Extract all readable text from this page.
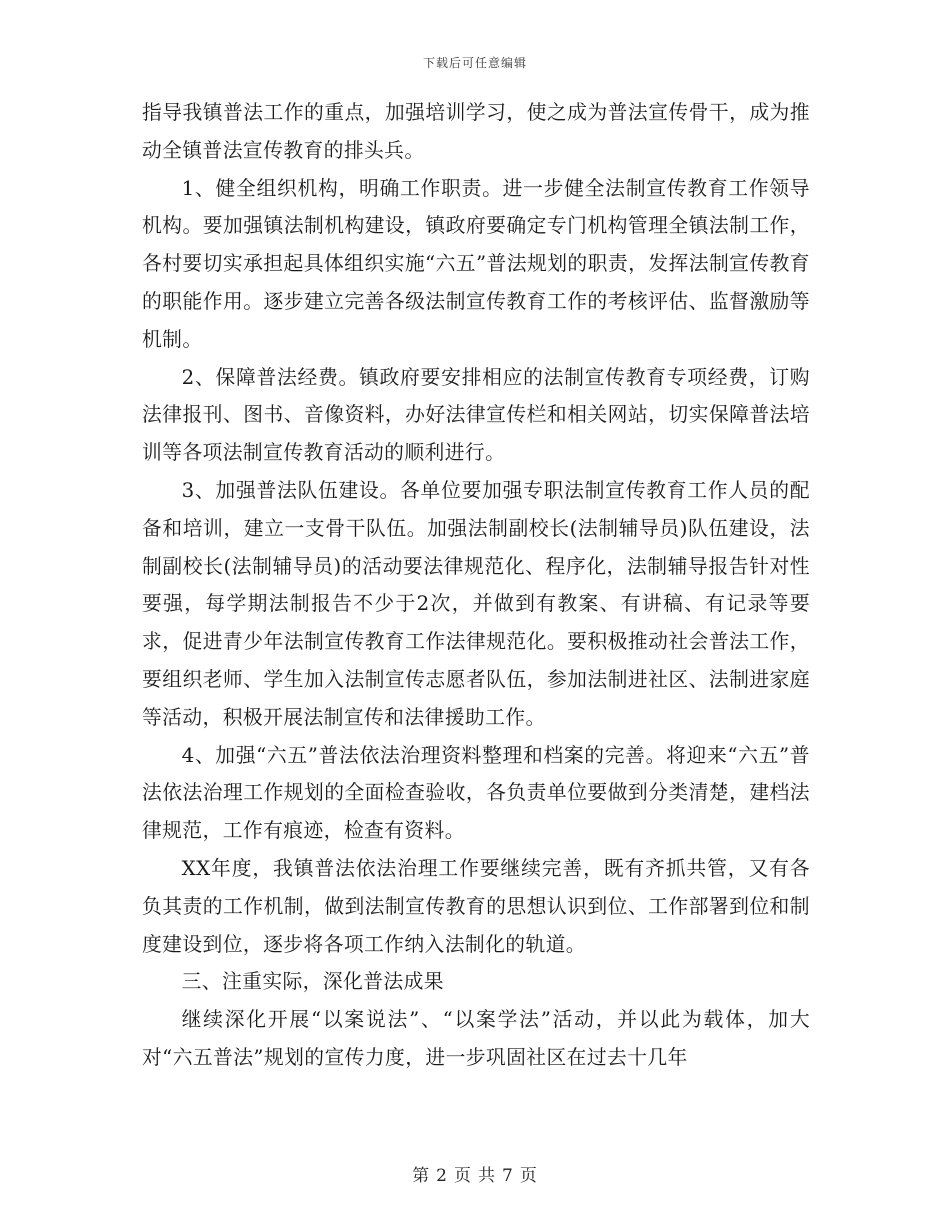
下载后可任意编辑

指导我镇普法工作的重点，加强培训学习，使之成为普法宣传骨干，成为推动全镇普法宣传教育的排头兵。

1、健全组织机构，明确工作职责。进一步健全法制宣传教育工作领导机构。要加强镇法制机构建设，镇政府要确定专门机构管理全镇法制工作，各村要切实承担起具体组织实施“六五”普法规划的职责，发挥法制宣传教育的职能作用。逐步建立完善各级法制宣传教育工作的考核评估、监督激励等机制。

2、保障普法经费。镇政府要安排相应的法制宣传教育专项经费，订购法律报刊、图书、音像资料，办好法律宣传栏和相关网站，切实保障普法培训等各项法制宣传教育活动的顺利进行。

3、加强普法队伍建设。各单位要加强专职法制宣传教育工作人员的配备和培训，建立一支骨干队伍。加强法制副校长(法制辅导员)队伍建设，法制副校长(法制辅导员)的活动要法律规范化、程序化，法制辅导报告针对性要强，每学期法制报告不少于2次，并做到有教案、有讲稿、有记录等要求，促进青少年法制宣传教育工作法律规范化。要积极推动社会普法工作，要组织老师、学生加入法制宣传志愿者队伍，参加法制进社区、法制进家庭等活动，积极开展法制宣传和法律援助工作。

4、加强“六五”普法依法治理资料整理和档案的完善。将迎来“六五”普法依法治理工作规划的全面检查验收，各负责单位要做到分类清楚，建档法律规范，工作有痕迹，检查有资料。

XX年度，我镇普法依法治理工作要继续完善，既有齐抓共管，又有各负其责的工作机制，做到法制宣传教育的思想认识到位、工作部署到位和制度建设到位，逐步将各项工作纳入法制化的轨道。

三、注重实际，深化普法成果

继续深化开展“以案说法”、“以案学法”活动，并以此为载体，加大对“六五普法”规划的宣传力度，进一步巩固社区在过去十几年

第 2 页 共 7 页
